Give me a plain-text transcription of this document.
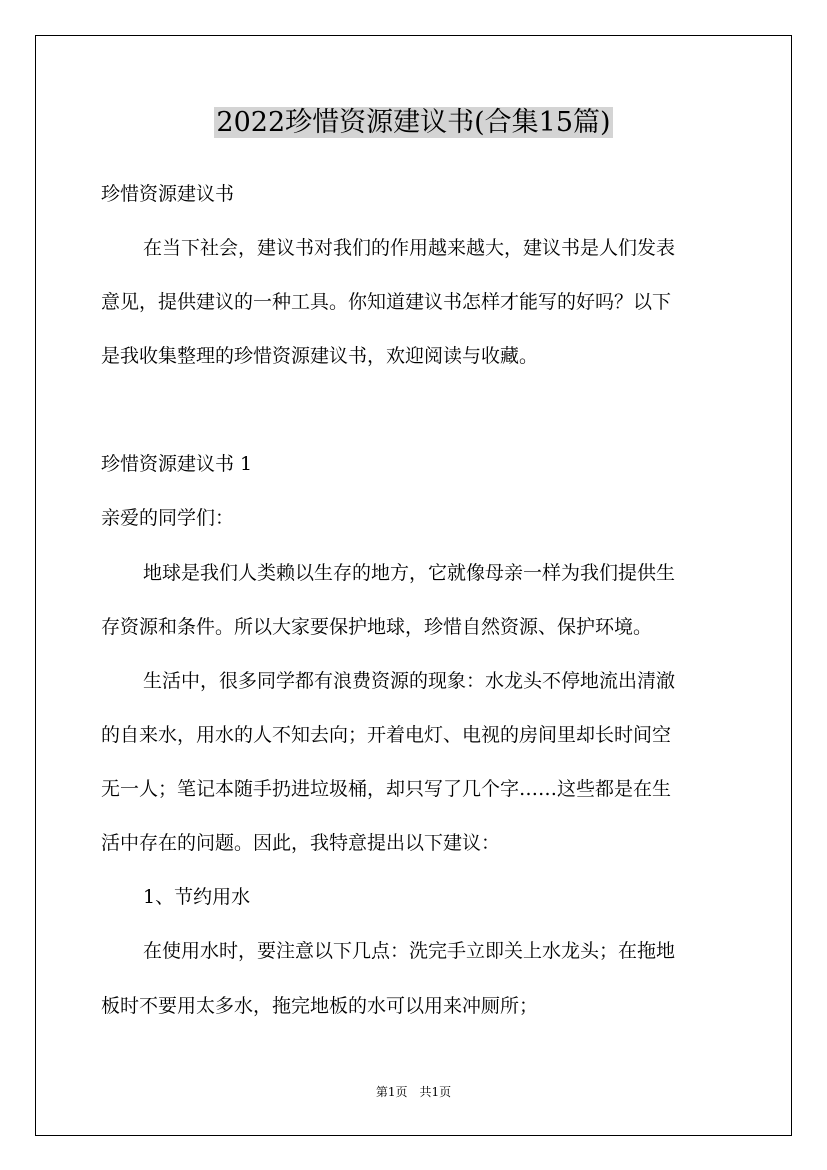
2022珍惜资源建议书(合集15篇)
珍惜资源建议书
在当下社会，建议书对我们的作用越来越大，建议书是人们发表
意见，提供建议的一种工具。你知道建议书怎样才能写的好吗？以下
是我收集整理的珍惜资源建议书，欢迎阅读与收藏。
珍惜资源建议书 1
亲爱的同学们：
地球是我们人类赖以生存的地方，它就像母亲一样为我们提供生
存资源和条件。所以大家要保护地球，珍惜自然资源、保护环境。
生活中，很多同学都有浪费资源的现象：水龙头不停地流出清澈
的自来水，用水的人不知去向；开着电灯、电视的房间里却长时间空
无一人；笔记本随手扔进垃圾桶，却只写了几个字……这些都是在生
活中存在的问题。因此，我特意提出以下建议：
1、节约用水
在使用水时，要注意以下几点：洗完手立即关上水龙头；在拖地
板时不要用太多水，拖完地板的水可以用来冲厕所；
第1页　共1页
